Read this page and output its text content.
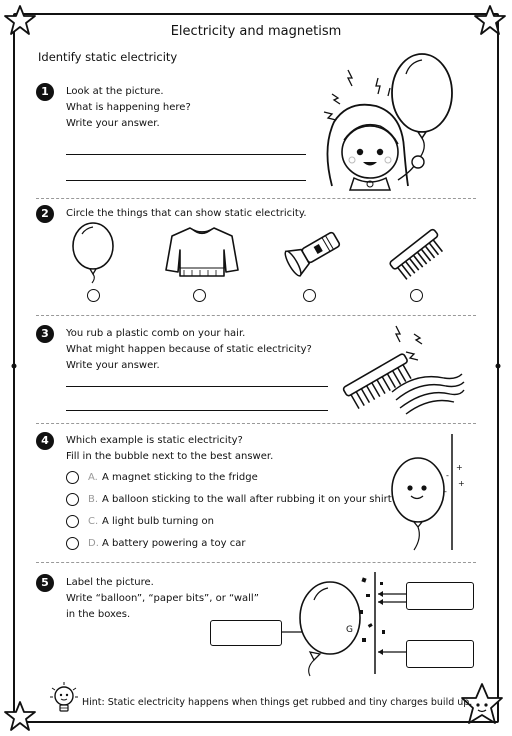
Electricity and magnetism
Identify static electricity
1	Look at the picture.
What is happening here?
Write your answer.
2	Circle the things that can show static electricity.
3	You rub a plastic comb on your hair.
What might happen because of static electricity?
Write your answer.
4	Which example is static electricity?
Fill in the bubble next to the best answer.
A. A magnet sticking to the fridge
B. A balloon sticking to the wall after rubbing it on your shirt
C. A light bulb turning on
D. A battery powering a toy car
+
+
-
-
5	Label the picture.
Write “balloon”, “paper bits”, or “wall”
in the boxes.
G
Hint: Static electricity happens when things get rubbed and tiny charges build up.
